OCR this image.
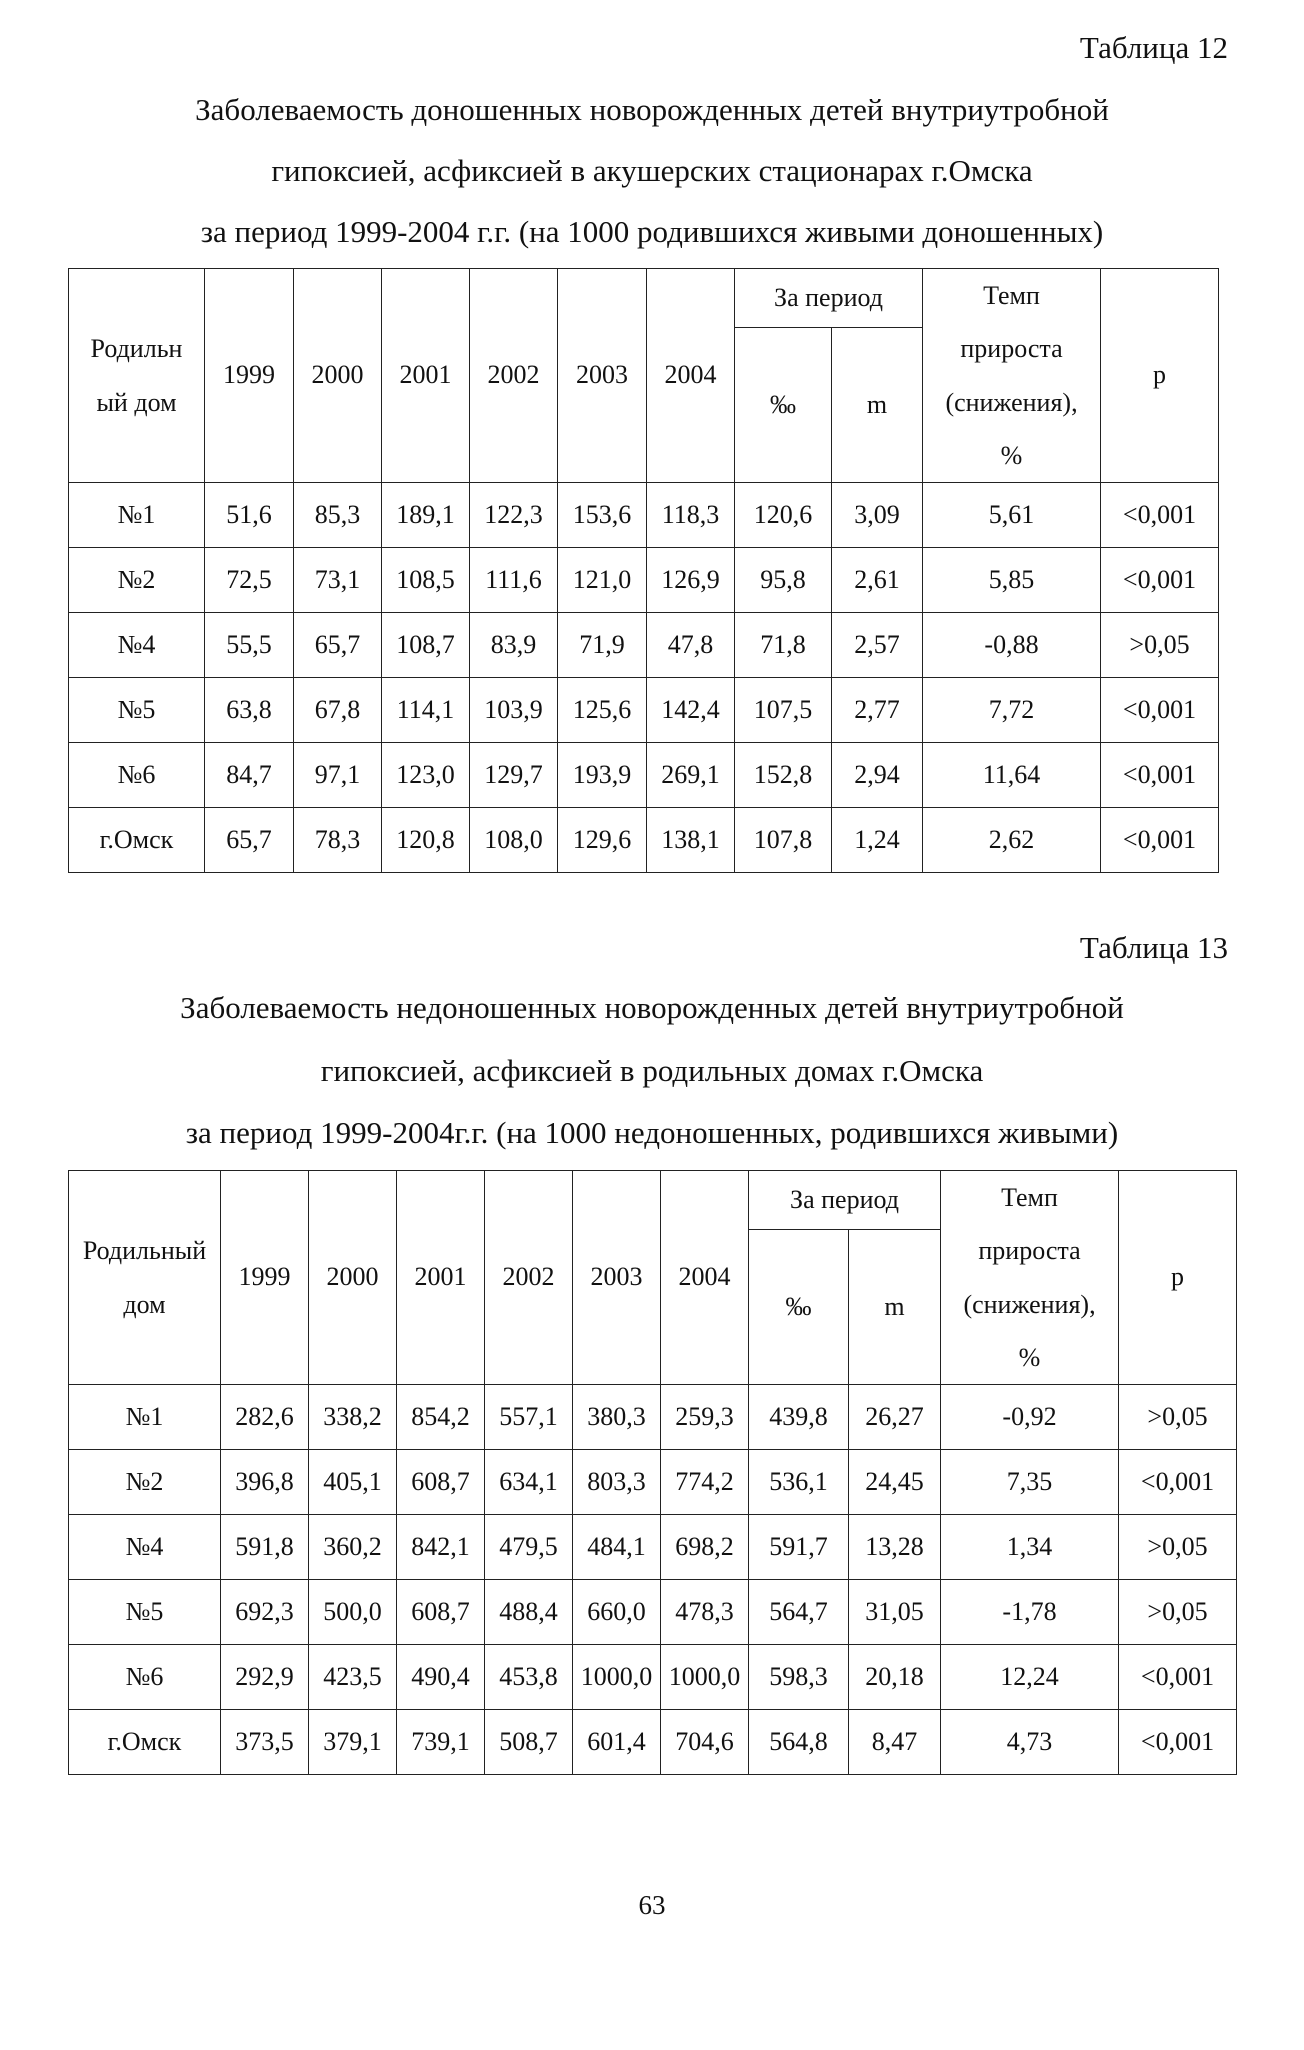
Таблица 12
Заболеваемость доношенных новорожденных детей внутриутробной
гипоксией, асфиксией в акушерских стационарах г.Омска
за период 1999-2004 г.г. (на 1000 родившихся живыми доношенных)
Родильн
ый дом	1999	2000	2001	2002	2003	2004	За период		Темп
прироста
(снижения),
%	p
							‰	m		
№1	51,6	85,3	189,1	122,3	153,6	118,3	120,6	3,09	5,61	<0,001
№2	72,5	73,1	108,5	111,6	121,0	126,9	95,8	2,61	5,85	<0,001
№4	55,5	65,7	108,7	83,9	71,9	47,8	71,8	2,57	-0,88	>0,05
№5	63,8	67,8	114,1	103,9	125,6	142,4	107,5	2,77	7,72	<0,001
№6	84,7	97,1	123,0	129,7	193,9	269,1	152,8	2,94	11,64	<0,001
г.Омск	65,7	78,3	120,8	108,0	129,6	138,1	107,8	1,24	2,62	<0,001
Таблица 13
Заболеваемость недоношенных новорожденных детей внутриутробной
гипоксией, асфиксией в родильных домах г.Омска
за период 1999-2004г.г. (на 1000 недоношенных, родившихся живыми)
Родильный
дом	1999	2000	2001	2002	2003	2004	За период		Темп
прироста
(снижения),
%	p
							‰	m		
№1	282,6	338,2	854,2	557,1	380,3	259,3	439,8	26,27	-0,92	>0,05
№2	396,8	405,1	608,7	634,1	803,3	774,2	536,1	24,45	7,35	<0,001
№4	591,8	360,2	842,1	479,5	484,1	698,2	591,7	13,28	1,34	>0,05
№5	692,3	500,0	608,7	488,4	660,0	478,3	564,7	31,05	-1,78	>0,05
№6	292,9	423,5	490,4	453,8	1000,0	1000,0	598,3	20,18	12,24	<0,001
г.Омск	373,5	379,1	739,1	508,7	601,4	704,6	564,8	8,47	4,73	<0,001
63
